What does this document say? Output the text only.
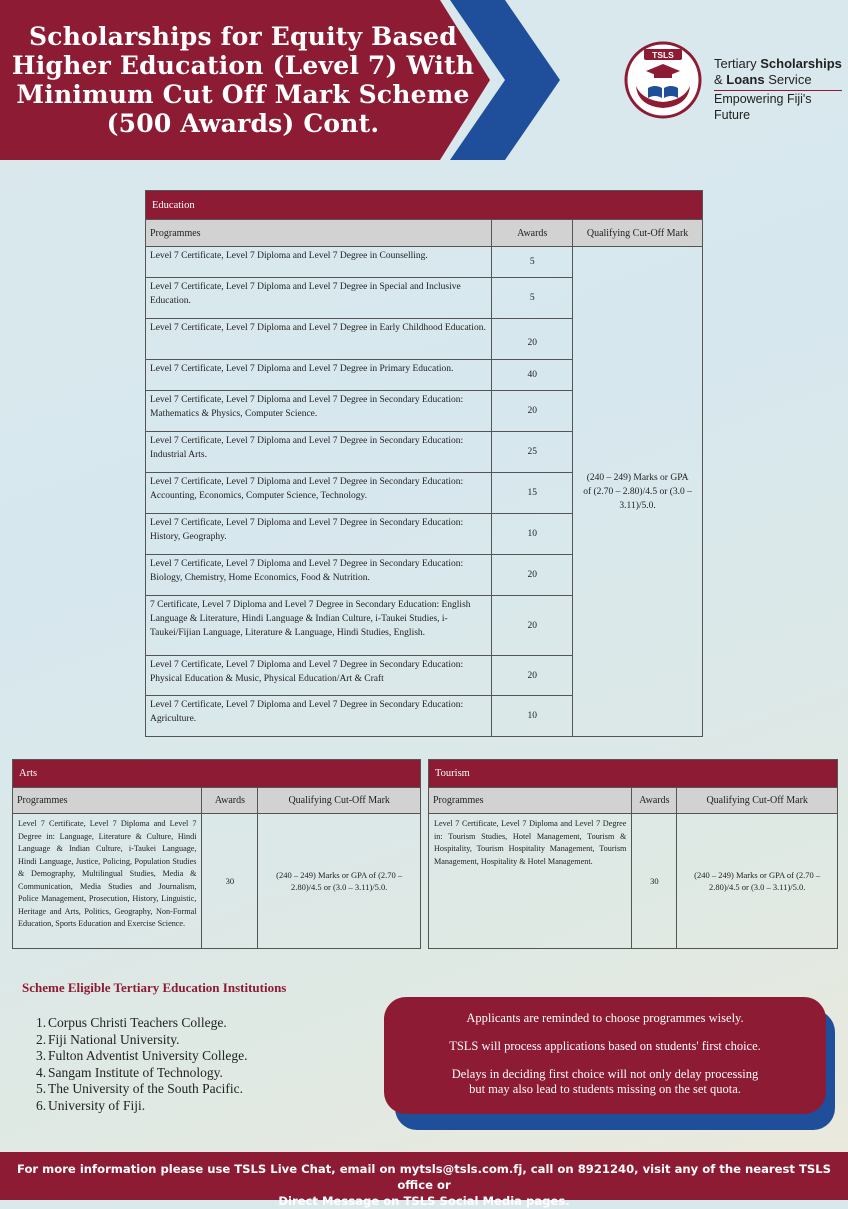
Scholarships for Equity Based
Higher Education (Level 7) With
Minimum Cut Off Mark Scheme
(500 Awards) Cont.
TSLS
Tertiary Scholarships
& Loans Service
Empowering Fiji's Future
Education		
Programmes	Awards	Qualifying Cut-Off Mark
Level 7 Certificate, Level 7 Diploma and Level 7 Degree in Counselling.	5	(240 – 249) Marks or GPA of (2.70 – 2.80)/4.5 or (3.0 – 3.11)/5.0.
Level 7 Certificate, Level 7 Diploma and Level 7 Degree in Special and Inclusive Education.	5	
Level 7 Certificate, Level 7 Diploma and Level 7 Degree in Early Childhood Education.	20	
Level 7 Certificate, Level 7 Diploma and Level 7 Degree in Primary Education.	40	
Level 7 Certificate, Level 7 Diploma and Level 7 Degree in Secondary Education: Mathematics & Physics, Computer Science.	20	
Level 7 Certificate, Level 7 Diploma and Level 7 Degree in Secondary Education: Industrial Arts.	25	
Level 7 Certificate, Level 7 Diploma and Level 7 Degree in Secondary Education: Accounting, Economics, Computer Science, Technology.	15	
Level 7 Certificate, Level 7 Diploma and Level 7 Degree in Secondary Education: History, Geography.	10	
Level 7 Certificate, Level 7 Diploma and Level 7 Degree in Secondary Education: Biology, Chemistry, Home Economics, Food & Nutrition.	20	
7 Certificate, Level 7 Diploma and Level 7 Degree in Secondary Education: English Language & Literature, Hindi Language & Indian Culture, i-Taukei Studies, i-Taukei/Fijian Language, Literature & Language, Hindi Studies, English.	20	
Level 7 Certificate, Level 7 Diploma and Level 7 Degree in Secondary Education: Physical Education & Music, Physical Education/Art & Craft	20	
Level 7 Certificate, Level 7 Diploma and Level 7 Degree in Secondary Education: Agriculture.	10	
Arts		
Programmes	Awards	Qualifying Cut-Off Mark
Level 7 Certificate, Level 7 Diploma and Level 7 Degree in: Language, Literature & Culture, Hindi Language & Indian Culture, i-Taukei Language, Hindi Language, Justice, Policing, Population Studies & Demography, Multilingual Studies, Media & Communication, Media Studies and Journalism, Police Management, Prosecution, History, Linguistic, Heritage and Arts, Politics, Geography, Non-Formal Education, Sports Education and Exercise Science.	30	(240 – 249) Marks or GPA of (2.70 – 2.80)/4.5 or (3.0 – 3.11)/5.0.
Tourism		
Programmes	Awards	Qualifying Cut-Off Mark
Level 7 Certificate, Level 7 Diploma and Level 7 Degree in: Tourism Studies, Hotel Management, Tourism & Hospitality, Tourism Hospitality Management, Tourism Management, Hospitality & Hotel Management.	30	(240 – 249) Marks or GPA of (2.70 – 2.80)/4.5 or (3.0 – 3.11)/5.0.
Scheme Eligible Tertiary Education Institutions
1. Corpus Christi Teachers College.
2. Fiji National University.
3. Fulton Adventist University College.
4. Sangam Institute of Technology.
5. The University of the South Pacific.
6. University of Fiji.

Applicants are reminded to choose programmes wisely.

TSLS will process applications based on students' first choice.

Delays in deciding first choice will not only delay processing
but may also lead to students missing on the set quota.

For more information please use TSLS Live Chat, email on mytsls@tsls.com.fj, call on 8921240, visit any of the nearest TSLS office or
Direct Message on TSLS Social Media pages.
